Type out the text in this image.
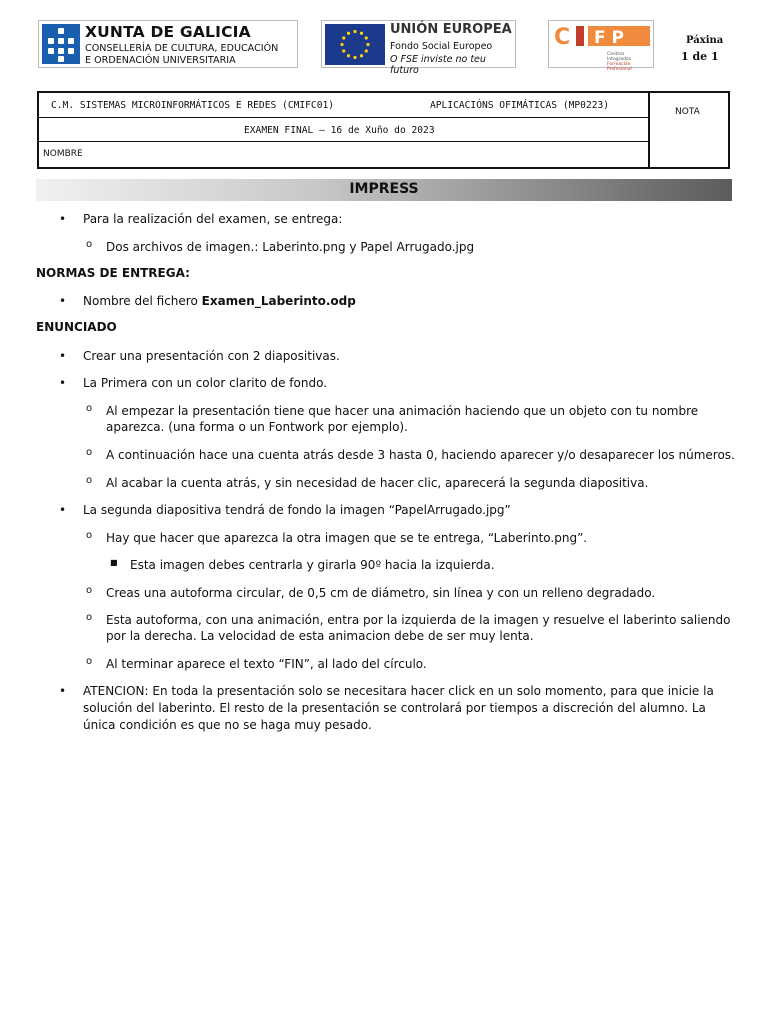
XUNTA DE GALICIA
CONSELLERÍA DE CULTURA, EDUCACIÓN
E ORDENACIÓN UNIVERSITARIA
UNIÓN EUROPEA
Fondo Social Europeo
O FSE inviste no teu futuro
C F P
Centros
Integrados
Formación Profesional
Páxina
1 de 1
C.M. SISTEMAS MICROINFORMÁTICOS E REDES (CMIFC01)	APLICACIÓNS OFIMÁTICAS (MP0223)
EXAMEN FINAL – 16 de Xuño do 2023
NOMBRE
NOTA
IMPRESS
• Para la realización del examen, se entrega:
o Dos archivos de imagen.: Laberinto.png y Papel Arrugado.jpg
NORMAS DE ENTREGA:
• Nombre del fichero Examen_Laberinto.odp
ENUNCIADO
• Crear una presentación con 2 diapositivas.
• La Primera con un color clarito de fondo.
o Al empezar la presentación tiene que hacer una animación haciendo que un objeto con tu nombre
aparezca. (una forma o un Fontwork por ejemplo).
o A continuación hace una cuenta atrás desde 3 hasta 0, haciendo aparecer y/o desaparecer los números.
o Al acabar la cuenta atrás, y sin necesidad de hacer clic, aparecerá la segunda diapositiva.
• La segunda diapositiva tendrá de fondo la imagen “PapelArrugado.jpg”
o Hay que hacer que aparezca la otra imagen que se te entrega, “Laberinto.png”.
■ Esta imagen debes centrarla y girarla 90º hacia la izquierda.
o Creas una autoforma circular, de 0,5 cm de diámetro, sin línea y con un relleno degradado.
o Esta autoforma, con una animación, entra por la izquierda de la imagen y resuelve el laberinto saliendo
por la derecha. La velocidad de esta animacion debe de ser muy lenta.
o Al terminar aparece el texto “FIN”, al lado del círculo.
• ATENCION: En toda la presentación solo se necesitara hacer click en un solo momento, para que inicie la
solución del laberinto. El resto de la presentación se controlará por tiempos a discreción del alumno. La
única condición es que no se haga muy pesado.
